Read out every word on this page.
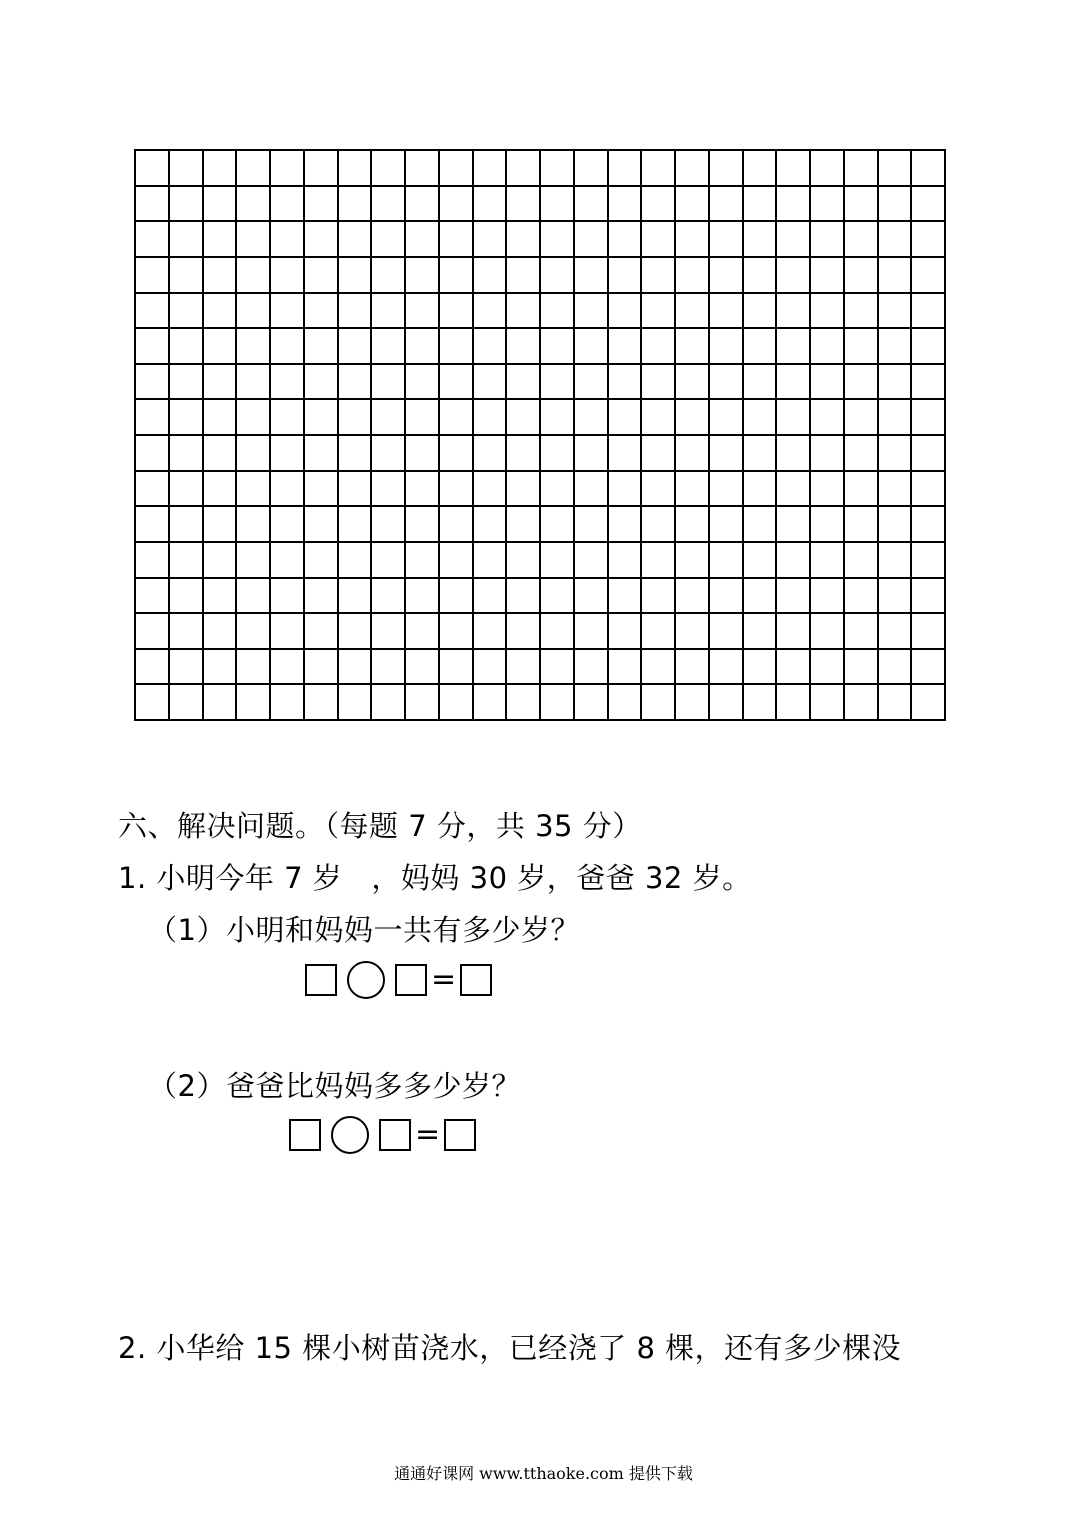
六、解决问题。（每题 7 分，共 35 分）
1. 小明今年 7 岁   ，妈妈 30 岁，爸爸 32 岁。
（1）小明和妈妈一共有多少岁？
=
（2）爸爸比妈妈多多少岁？
=
2. 小华给 15 棵小树苗浇水，已经浇了 8 棵，还有多少棵没
通通好课网 www.tthaoke.com 提供下载
